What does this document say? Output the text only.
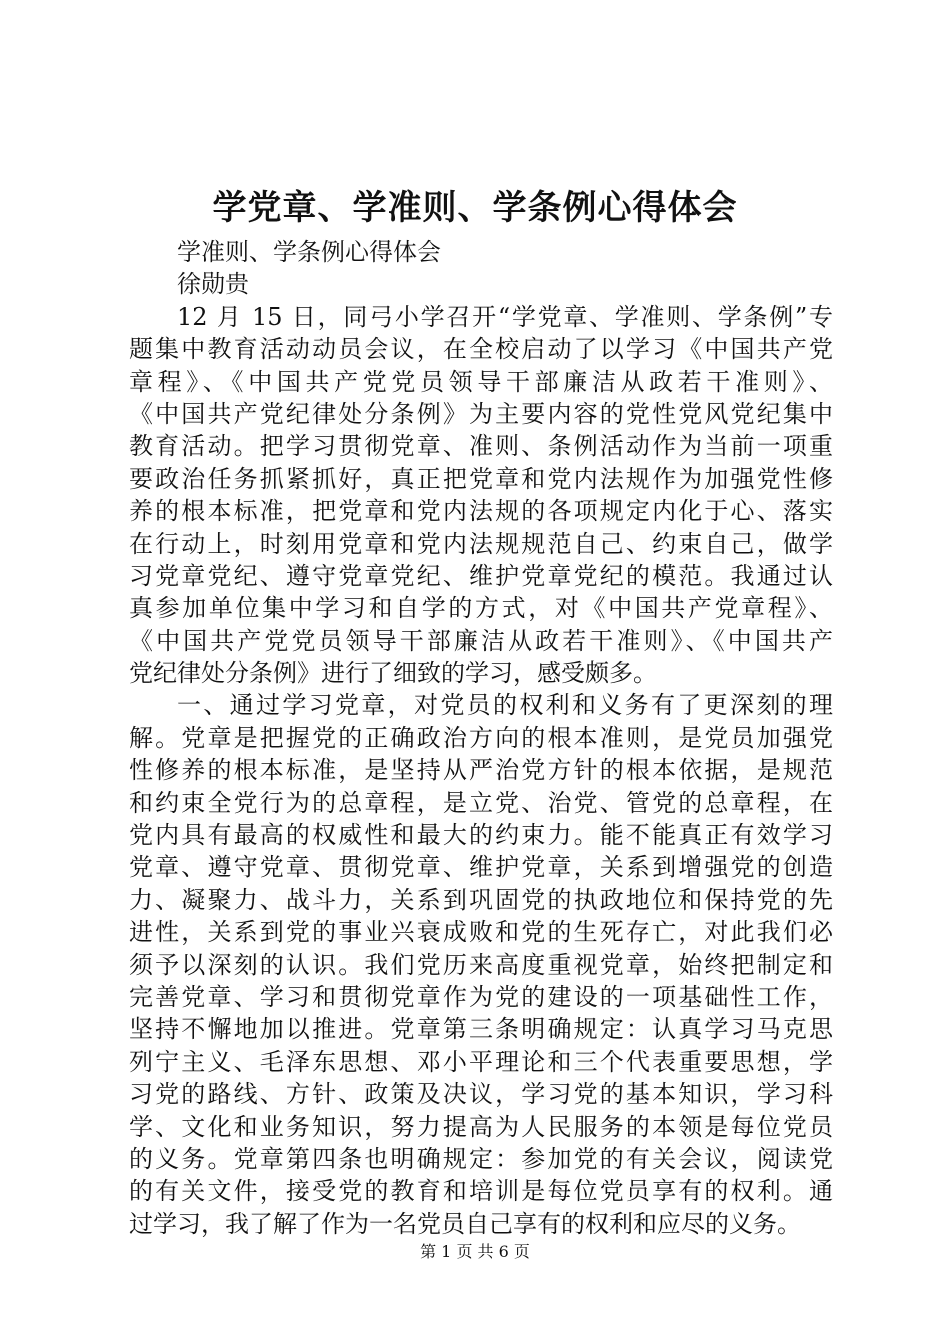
学党章、学准则、学条例心得体会
学准则、学条例心得体会
徐勋贵
12 月 15 日，同弓小学召开“学党章、学准则、学条例”专
题集中教育活动动员会议，在全校启动了以学习《中国共产党
章程》、《中国共产党党员领导干部廉洁从政若干准则》、
《中国共产党纪律处分条例》为主要内容的党性党风党纪集中
教育活动。把学习贯彻党章、准则、条例活动作为当前一项重
要政治任务抓紧抓好，真正把党章和党内法规作为加强党性修
养的根本标准，把党章和党内法规的各项规定内化于心、落实
在行动上，时刻用党章和党内法规规范自己、约束自己，做学
习党章党纪、遵守党章党纪、维护党章党纪的模范。我通过认
真参加单位集中学习和自学的方式，对《中国共产党章程》、
《中国共产党党员领导干部廉洁从政若干准则》、《中国共产
党纪律处分条例》进行了细致的学习，感受颇多。
一、通过学习党章，对党员的权利和义务有了更深刻的理
解。党章是把握党的正确政治方向的根本准则，是党员加强党
性修养的根本标准，是坚持从严治党方针的根本依据，是规范
和约束全党行为的总章程，是立党、治党、管党的总章程，在
党内具有最高的权威性和最大的约束力。能不能真正有效学习
党章、遵守党章、贯彻党章、维护党章，关系到增强党的创造
力、凝聚力、战斗力，关系到巩固党的执政地位和保持党的先
进性，关系到党的事业兴衰成败和党的生死存亡，对此我们必
须予以深刻的认识。我们党历来高度重视党章，始终把制定和
完善党章、学习和贯彻党章作为党的建设的一项基础性工作，
坚持不懈地加以推进。党章第三条明确规定：认真学习马克思
列宁主义、毛泽东思想、邓小平理论和三个代表重要思想，学
习党的路线、方针、政策及决议，学习党的基本知识，学习科
学、文化和业务知识，努力提高为人民服务的本领是每位党员
的义务。党章第四条也明确规定：参加党的有关会议，阅读党
的有关文件，接受党的教育和培训是每位党员享有的权利。通
过学习，我了解了作为一名党员自己享有的权利和应尽的义务。
第 1 页 共 6 页
